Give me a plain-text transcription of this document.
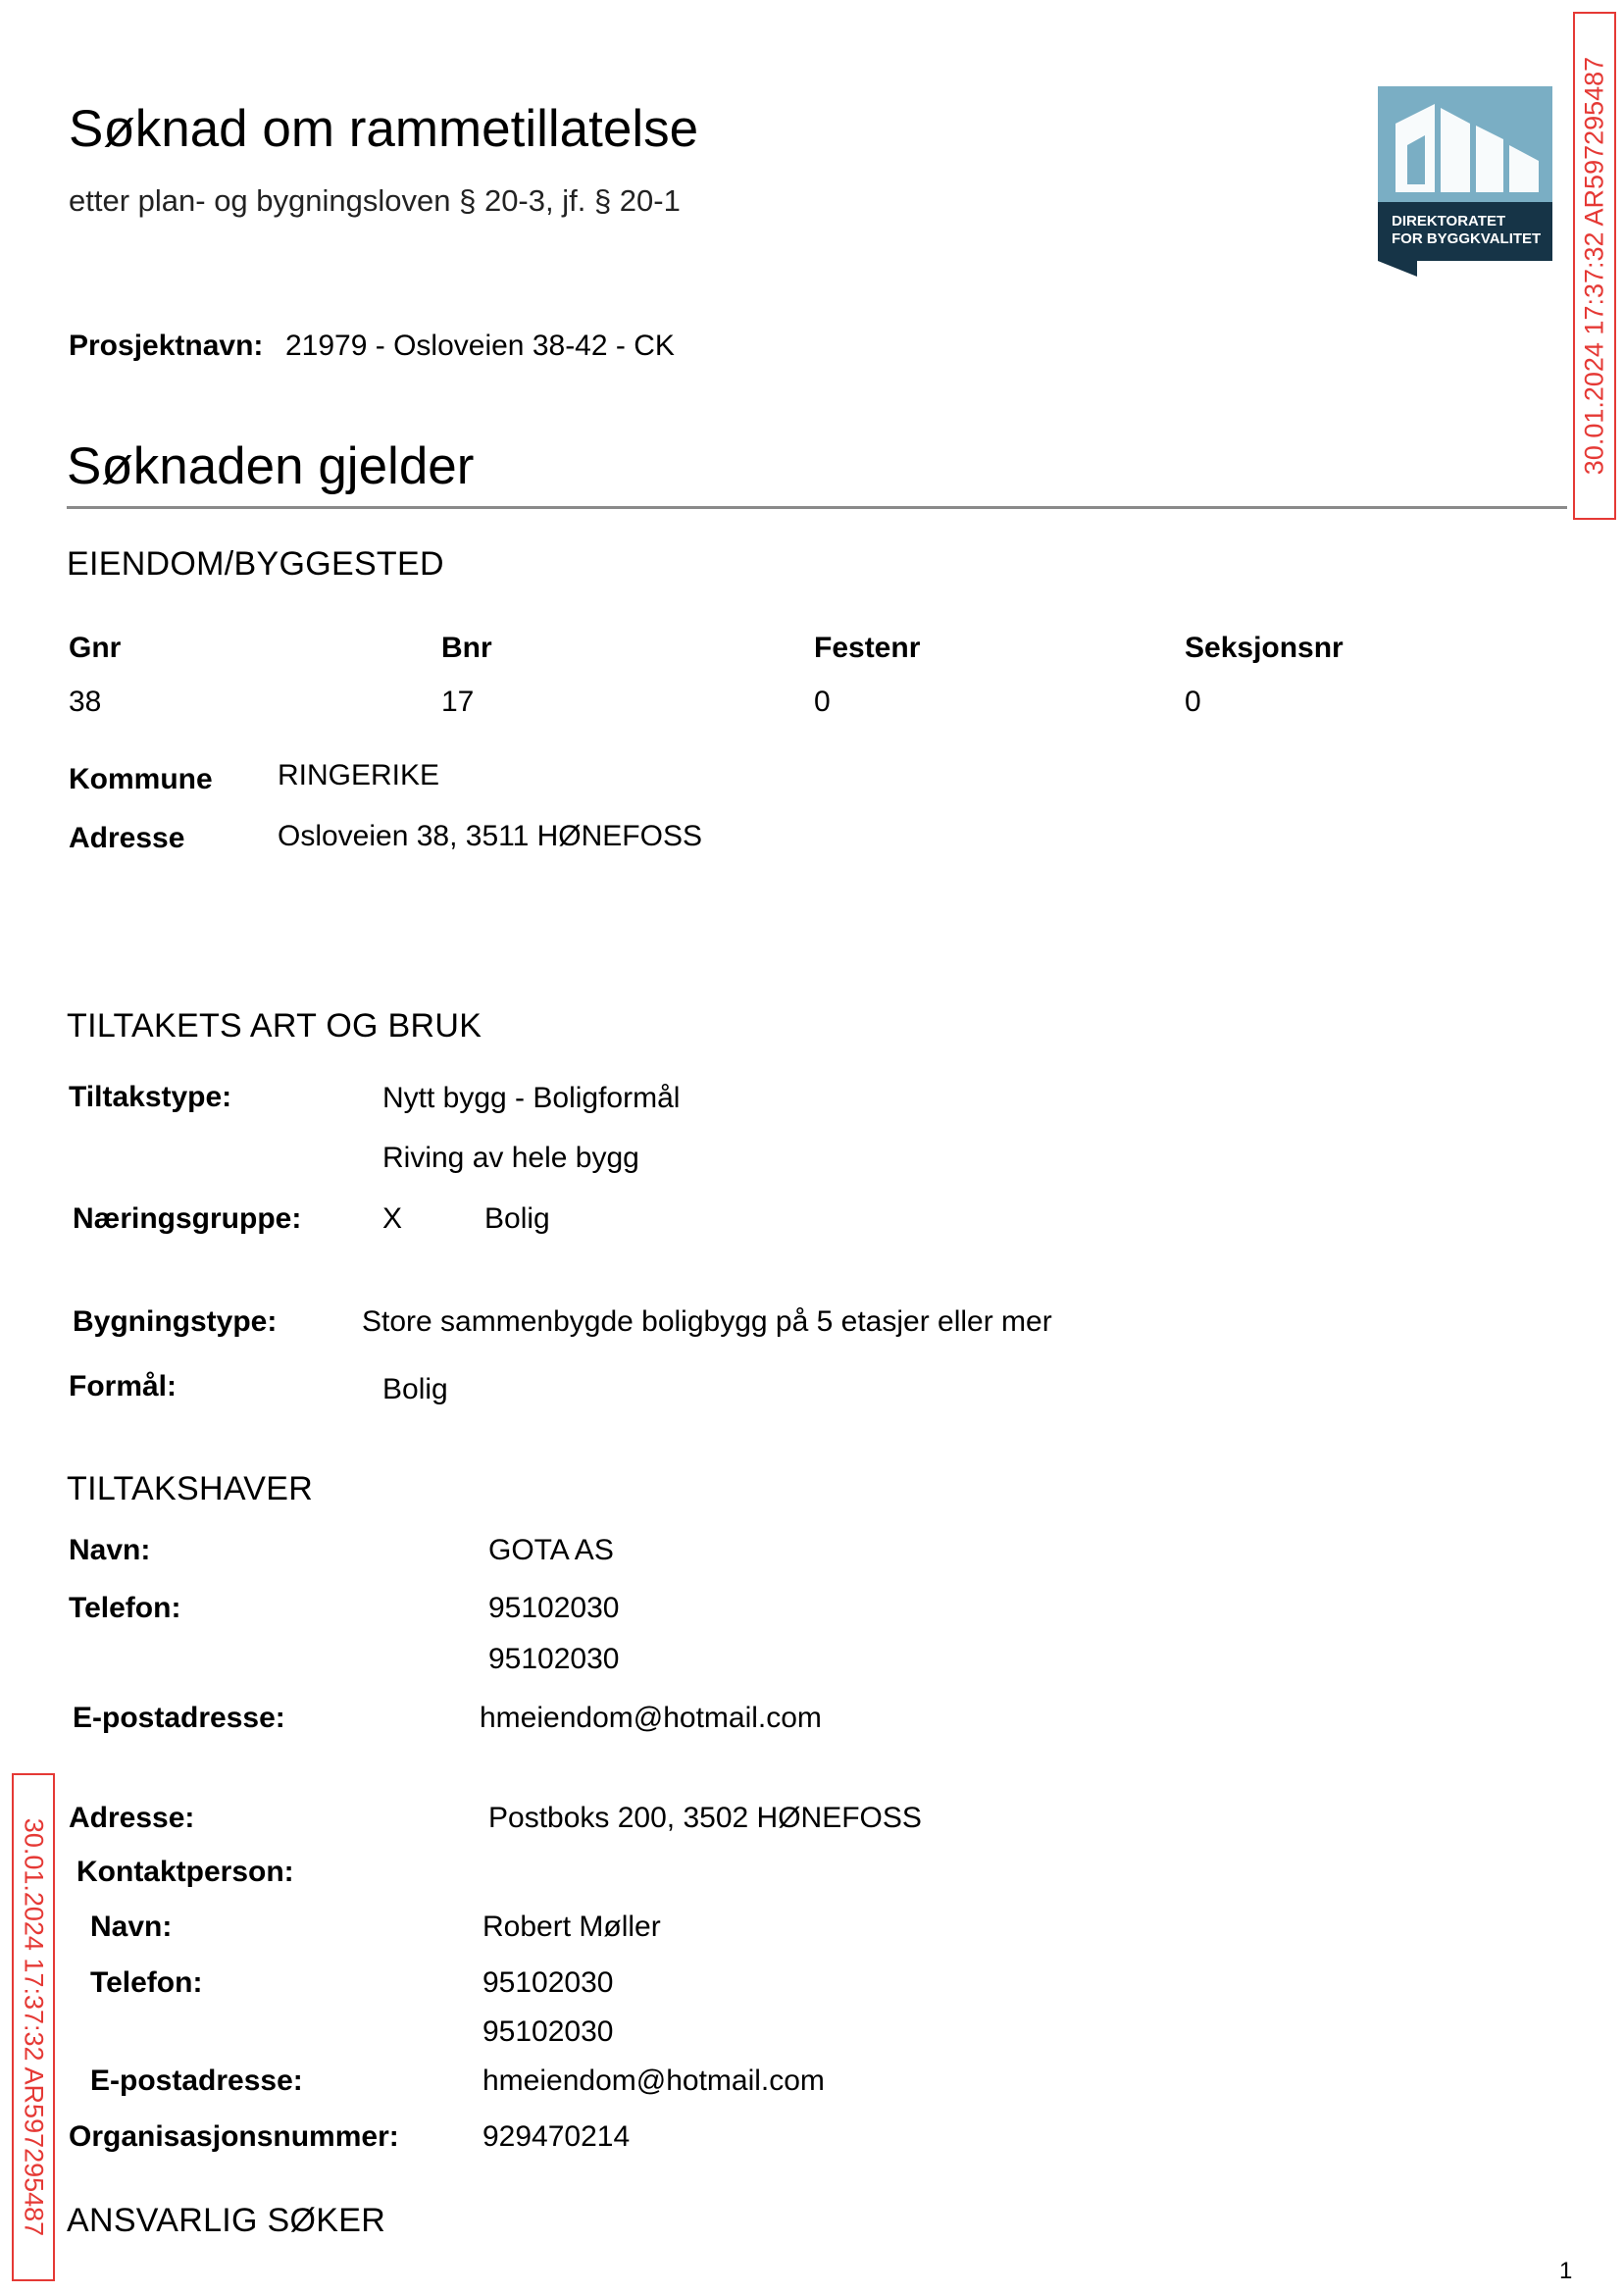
Søknad om rammetillatelse
etter plan- og bygningsloven § 20-3, jf. § 20-1
Prosjektnavn: 21979 - Osloveien 38-42 - CK
DIREKTORATET
FOR BYGGKVALITET 30.01.2024 17:37:32 AR597295487
Søknaden gjelder
EIENDOM/BYGGESTED
Gnr	Bnr	Festenr	Seksjonsnr
38	17	0	0
Kommune RINGERIKE
Adresse	Osloveien 38, 3511 HØNEFOSS
TILTAKETS ART OG BRUK
Tiltakstype:	Nytt bygg - Boligformål
Riving av hele bygg
Næringsgruppe:	X	Bolig
Bygningstype:	Store sammenbygde boligbygg på 5 etasjer eller mer
Formål:	Bolig
TILTAKSHAVER
Navn:	GOTA AS
Telefon:	95102030
95102030
E-postadresse:	hmeiendom@hotmail.com
30.01.2024 17:37:32 AR597295487
Adresse:	Postboks 200, 3502 HØNEFOSS
Kontaktperson:
Navn:	Robert Møller
Telefon:	95102030
95102030
E-postadresse:	hmeiendom@hotmail.com
Organisasjonsnummer:	929470214
ANSVARLIG SØKER
1
